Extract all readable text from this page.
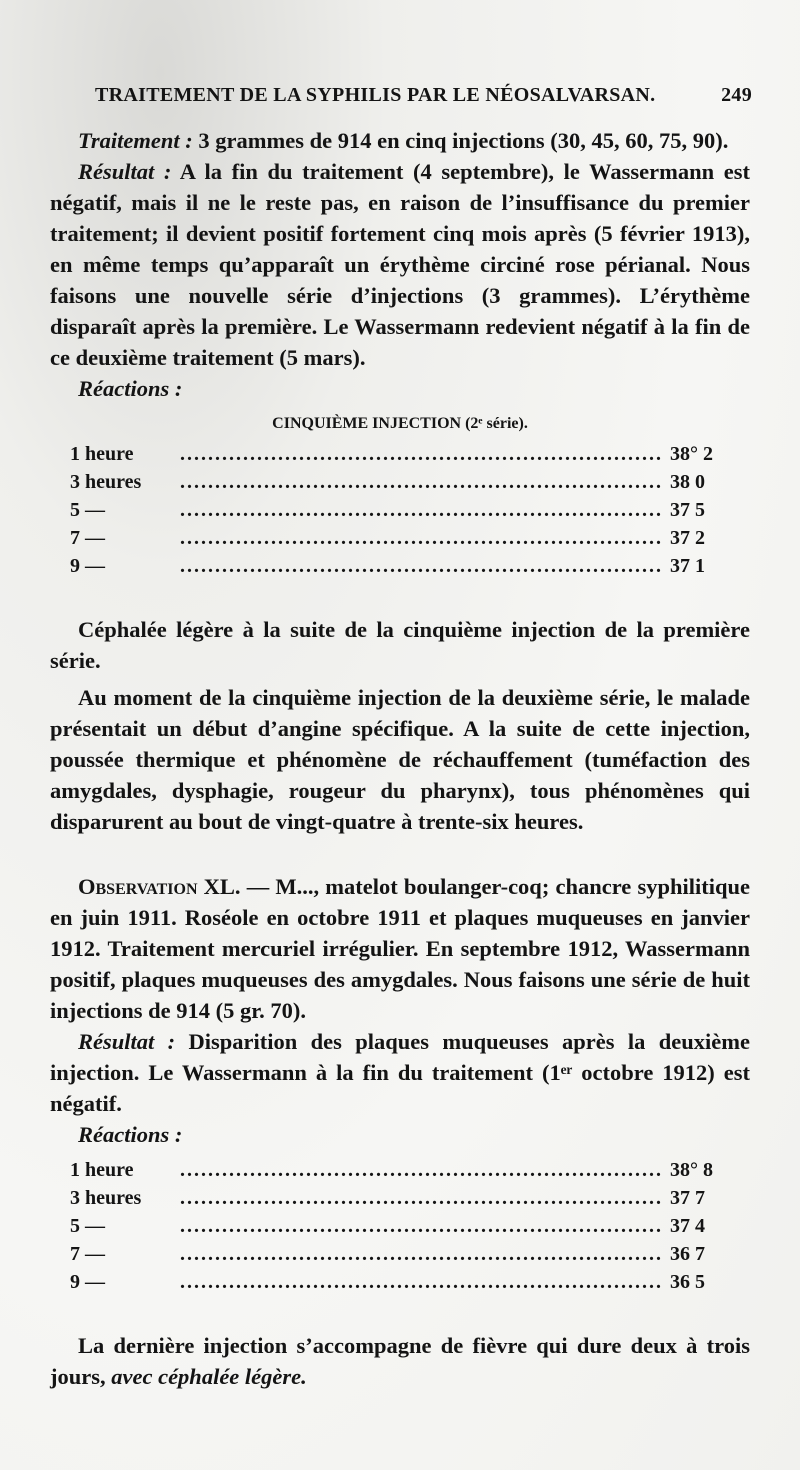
TRAITEMENT DE LA SYPHILIS PAR LE NÉOSALVARSAN.	249

Traitement : 3 grammes de 914 en cinq injections (30, 45, 60, 75, 90).

Résultat : A la fin du traitement (4 septembre), le Wassermann est négatif, mais il ne le reste pas, en raison de l’insuffisance du premier traitement; il devient positif fortement cinq mois après (5 février 1913), en même temps qu’apparaît un érythème circiné rose périanal. Nous faisons une nouvelle série d’injections (3 grammes). L’érythème disparaît après la première. Le Wassermann redevient négatif à la fin de ce deuxième traitement (5 mars).

Réactions :

CINQUIÈME INJECTION (2ᵉ série).
1 heure .....	38° 2
3 heures .....	38 0
5 — .....	37 5
7 — .....	37 2
9 — .....	37 1

Céphalée légère à la suite de la cinquième injection de la première série.

Au moment de la cinquième injection de la deuxième série, le malade présentait un début d’angine spécifique. A la suite de cette injection, poussée thermique et phénomène de réchauffement (tuméfaction des amygdales, dysphagie, rougeur du pharynx), tous phénomènes qui disparurent au bout de vingt-quatre à trente-six heures.

Observation XL. — M..., matelot boulanger-coq; chancre syphilitique en juin 1911. Roséole en octobre 1911 et plaques muqueuses en janvier 1912. Traitement mercuriel irrégulier. En septembre 1912, Wassermann positif, plaques muqueuses des amygdales. Nous faisons une série de huit injections de 914 (5 gr. 70).

Résultat : Disparition des plaques muqueuses après la deuxième injection. Le Wassermann à la fin du traitement (1ᵉʳ octobre 1912) est négatif.

Réactions :

1 heure .....	38° 8
3 heures .....	37 7
5 — .....	37 4
7 — .....	36 7
9 — .....	36 5

La dernière injection s’accompagne de fièvre qui dure deux à trois jours, avec céphalée légère.
